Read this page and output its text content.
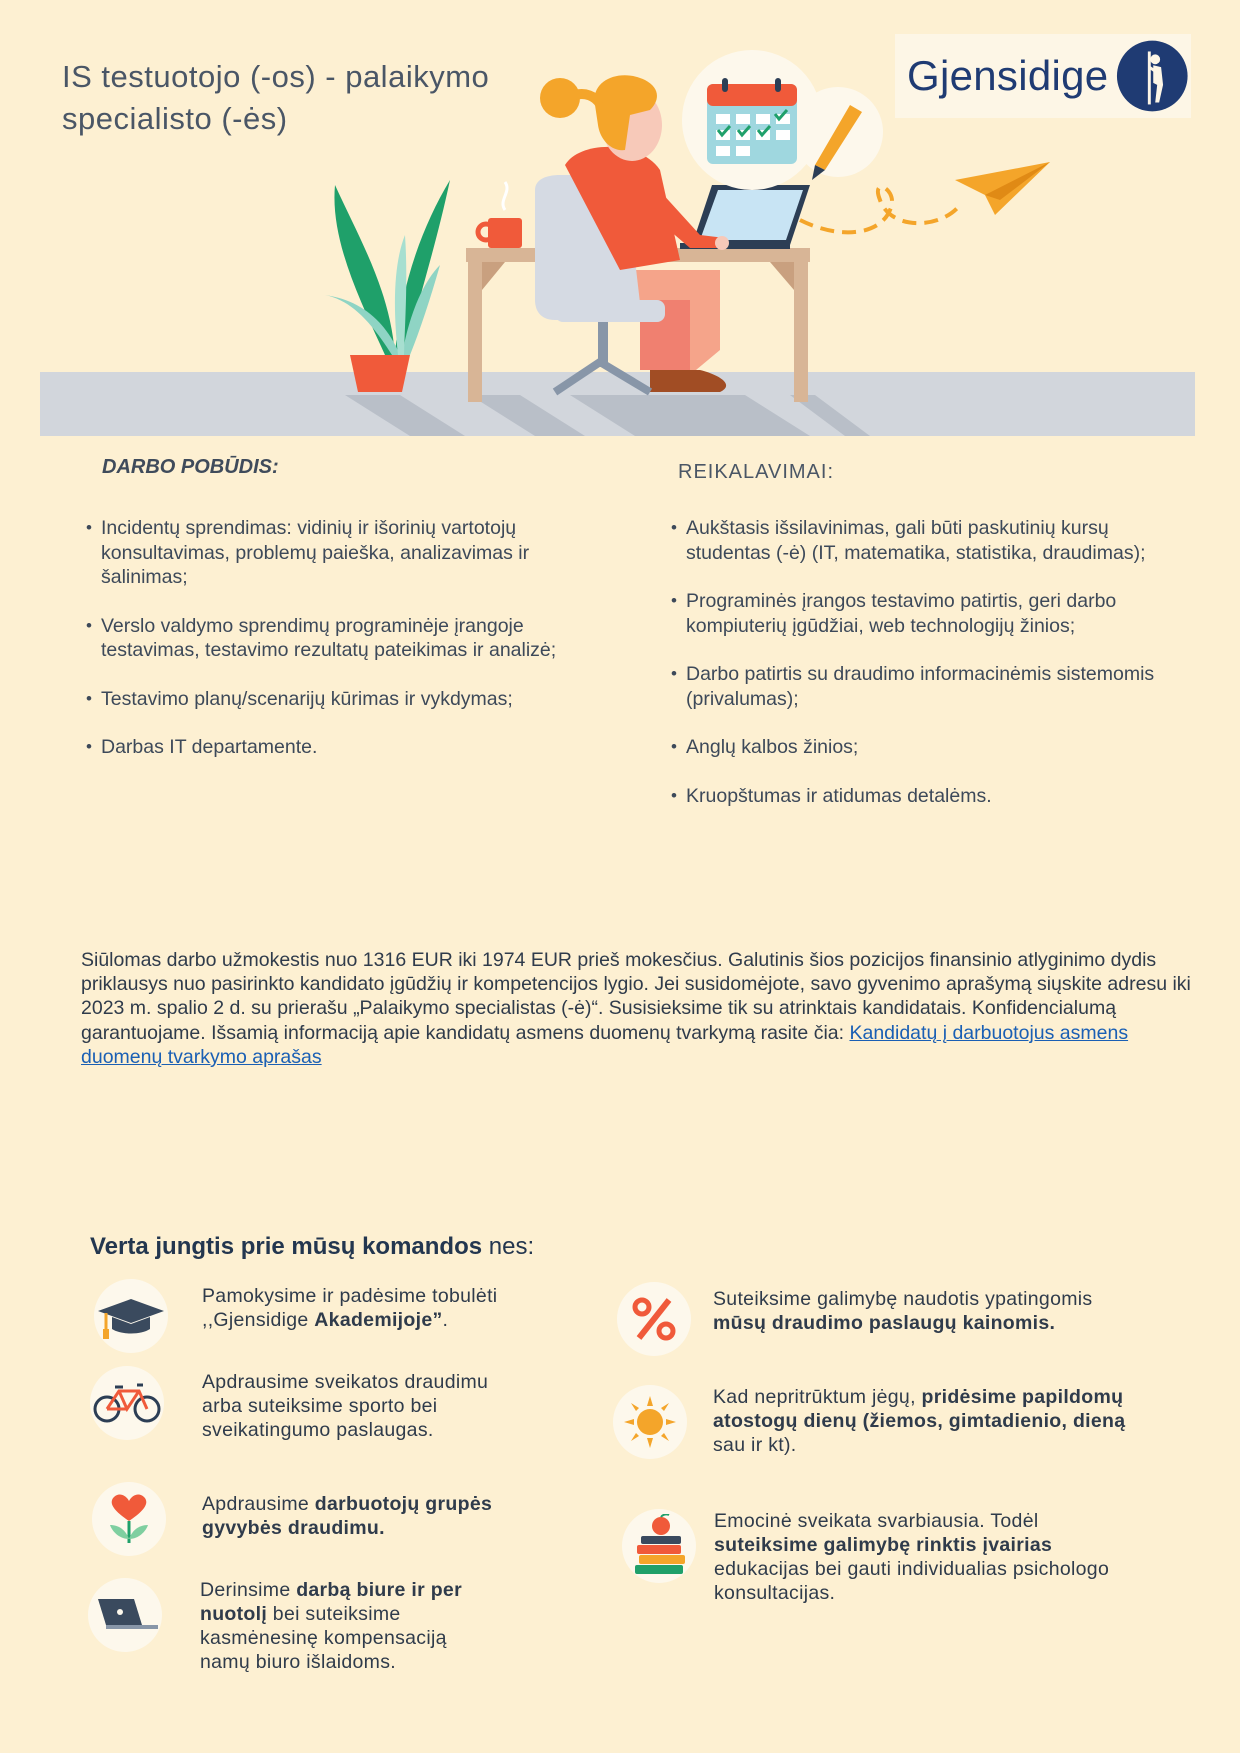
IS testuotojo (-os) - palaikymo
specialisto (-ės)
Gjensidige
DARBO POBŪDIS:
• Incidentų sprendimas: vidinių ir išorinių vartotojų konsultavimas, problemų paieška, analizavimas ir šalinimas;
• Verslo valdymo sprendimų programinėje įrangoje testavimas, testavimo rezultatų pateikimas ir analizė;
• Testavimo planų/scenarijų kūrimas ir vykdymas;
• Darbas IT departamente.
REIKALAVIMAI:
• Aukštasis išsilavinimas, gali būti paskutinių kursų studentas (-ė) (IT, matematika, statistika, draudimas);
• Programinės įrangos testavimo patirtis, geri darbo kompiuterių įgūdžiai, web technologijų žinios;
• Darbo patirtis su draudimo informacinėmis sistemomis (privalumas);
• Anglų kalbos žinios;
• Kruopštumas ir atidumas detalėms.
Siūlomas darbo užmokestis nuo 1316 EUR iki 1974 EUR prieš mokesčius. Galutinis šios pozicijos finansinio atlyginimo dydis priklausys nuo pasirinkto kandidato įgūdžių ir kompetencijos lygio. Jei susidomėjote, savo gyvenimo aprašymą siųskite adresu iki 2023 m. spalio 2 d. su prierašu „Palaikymo specialistas (-ė)“. Susisieksime tik su atrinktais kandidatais. Konfidencialumą garantuojame. Išsamią informaciją apie kandidatų asmens duomenų tvarkymą rasite čia: Kandidatų į darbuotojus asmens duomenų tvarkymo aprašas
Verta jungtis prie mūsų komandos nes:
Pamokysime ir padėsime tobulėti ,,Gjensidige Akademijoje”.
Apdrausime sveikatos draudimu arba suteiksime sporto bei sveikatingumo paslaugas.
Apdrausime darbuotojų grupės gyvybės draudimu.
Derinsime darbą biure ir per nuotolį bei suteiksime kasmėnesinę kompensaciją namų biuro išlaidoms.
Suteiksime galimybę naudotis ypatingomis mūsų draudimo paslaugų kainomis.
Kad nepritrūktum jėgų, pridėsime papildomų atostogų dienų (žiemos, gimtadienio, dieną sau ir kt).
Emocinė sveikata svarbiausia. Todėl suteiksime galimybę rinktis įvairias edukacijas bei gauti individualias psichologo konsultacijas.
